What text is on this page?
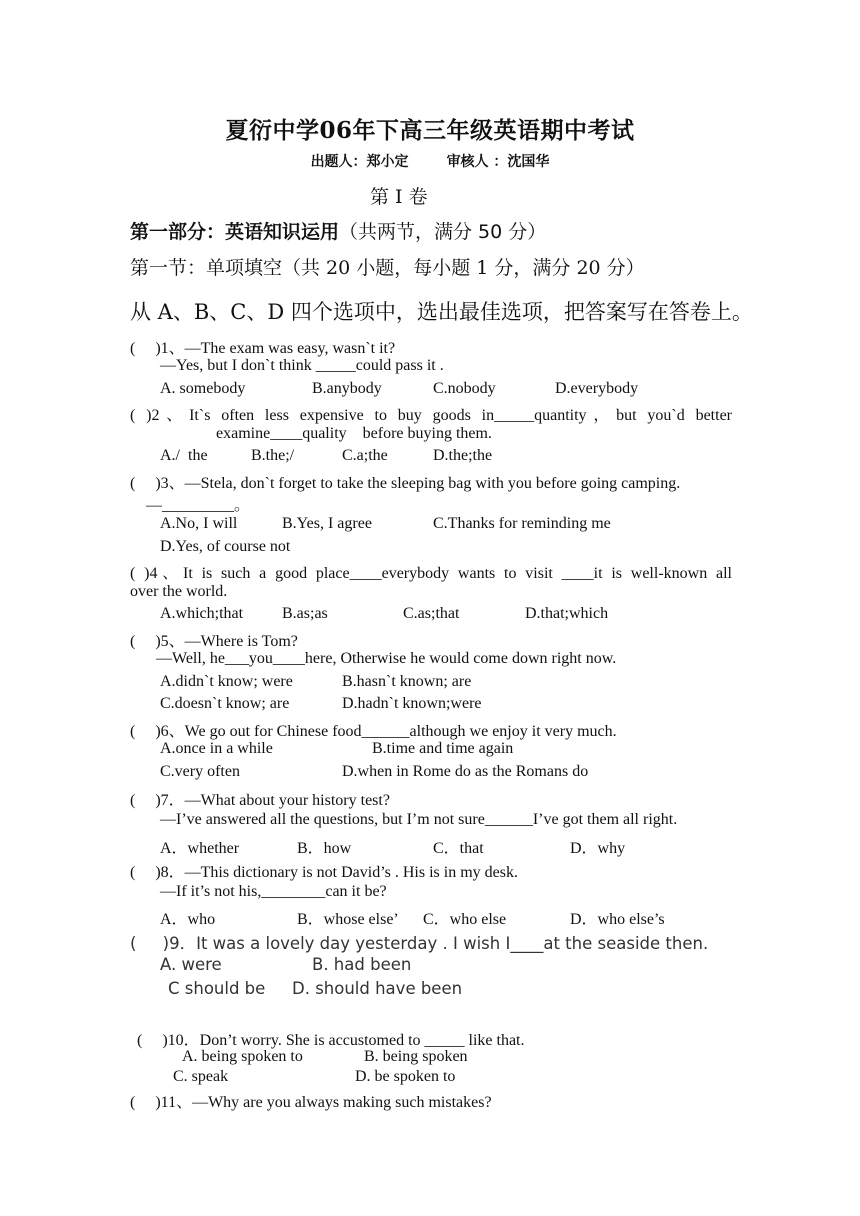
夏衍中学06年下高三年级英语期中考试
出题人：郑小定	审核人 ：沈国华
第 I 卷
第一部分：英语知识运用（共两节，满分 50 分）
第一节：单项填空（共 20 小题，每小题 1 分，满分 20 分）
从 A、B、C、D 四个选项中，选出最佳选项，把答案写在答卷上。
(     )1、—The exam was easy, wasn`t it?
—Yes, but I don`t think _____could pass it .
A. somebody	B.anybody	C.nobody	D.everybody
( )2、It`s often less expensive to buy goods in_____quantity，but you`d better
examine____quality    before buying them.
A./  the	B.the;/	C.a;the	D.the;the
(     )3、—Stela, don`t forget to take the sleeping bag with you before going camping.
—_________。
A.No, I will	B.Yes, I agree	C.Thanks for reminding me
D.Yes, of course not
( )4、It is such a good place____everybody wants to visit ____it is well-known all
over the world.
A.which;that B.as;as	C.as;that	D.that;which
(     )5、—Where is Tom?
—Well, he___you____here, Otherwise he would come down right now.
A.didn`t know; were	B.hasn`t known; are
C.doesn`t know; are	D.hadn`t known;were
(     )6、We go out for Chinese food______although we enjoy it very much.
A.once in a while	B.time and time again
C.very often	D.when in Rome do as the Romans do
(     )7．—What about your history test?
—I’ve answered all the questions, but I’m not sure______I’ve got them all right.
A．whether	B．how	C．that	D．why
(     )8．—This dictionary is not David’s . His is in my desk.
—If it’s not his,________can it be?
A．who	B．whose else’ C．who else	D．who else’s
(     )9．It was a lovely day yesterday . I wish I____at the seaside then.
A. were	B. had been
C should be D. should have been
(     )10．Don’t worry. She is accustomed to _____ like that.
A. being spoken to	B. being spoken
C. speak	D. be spoken to
(     )11、—Why are you always making such mistakes?
